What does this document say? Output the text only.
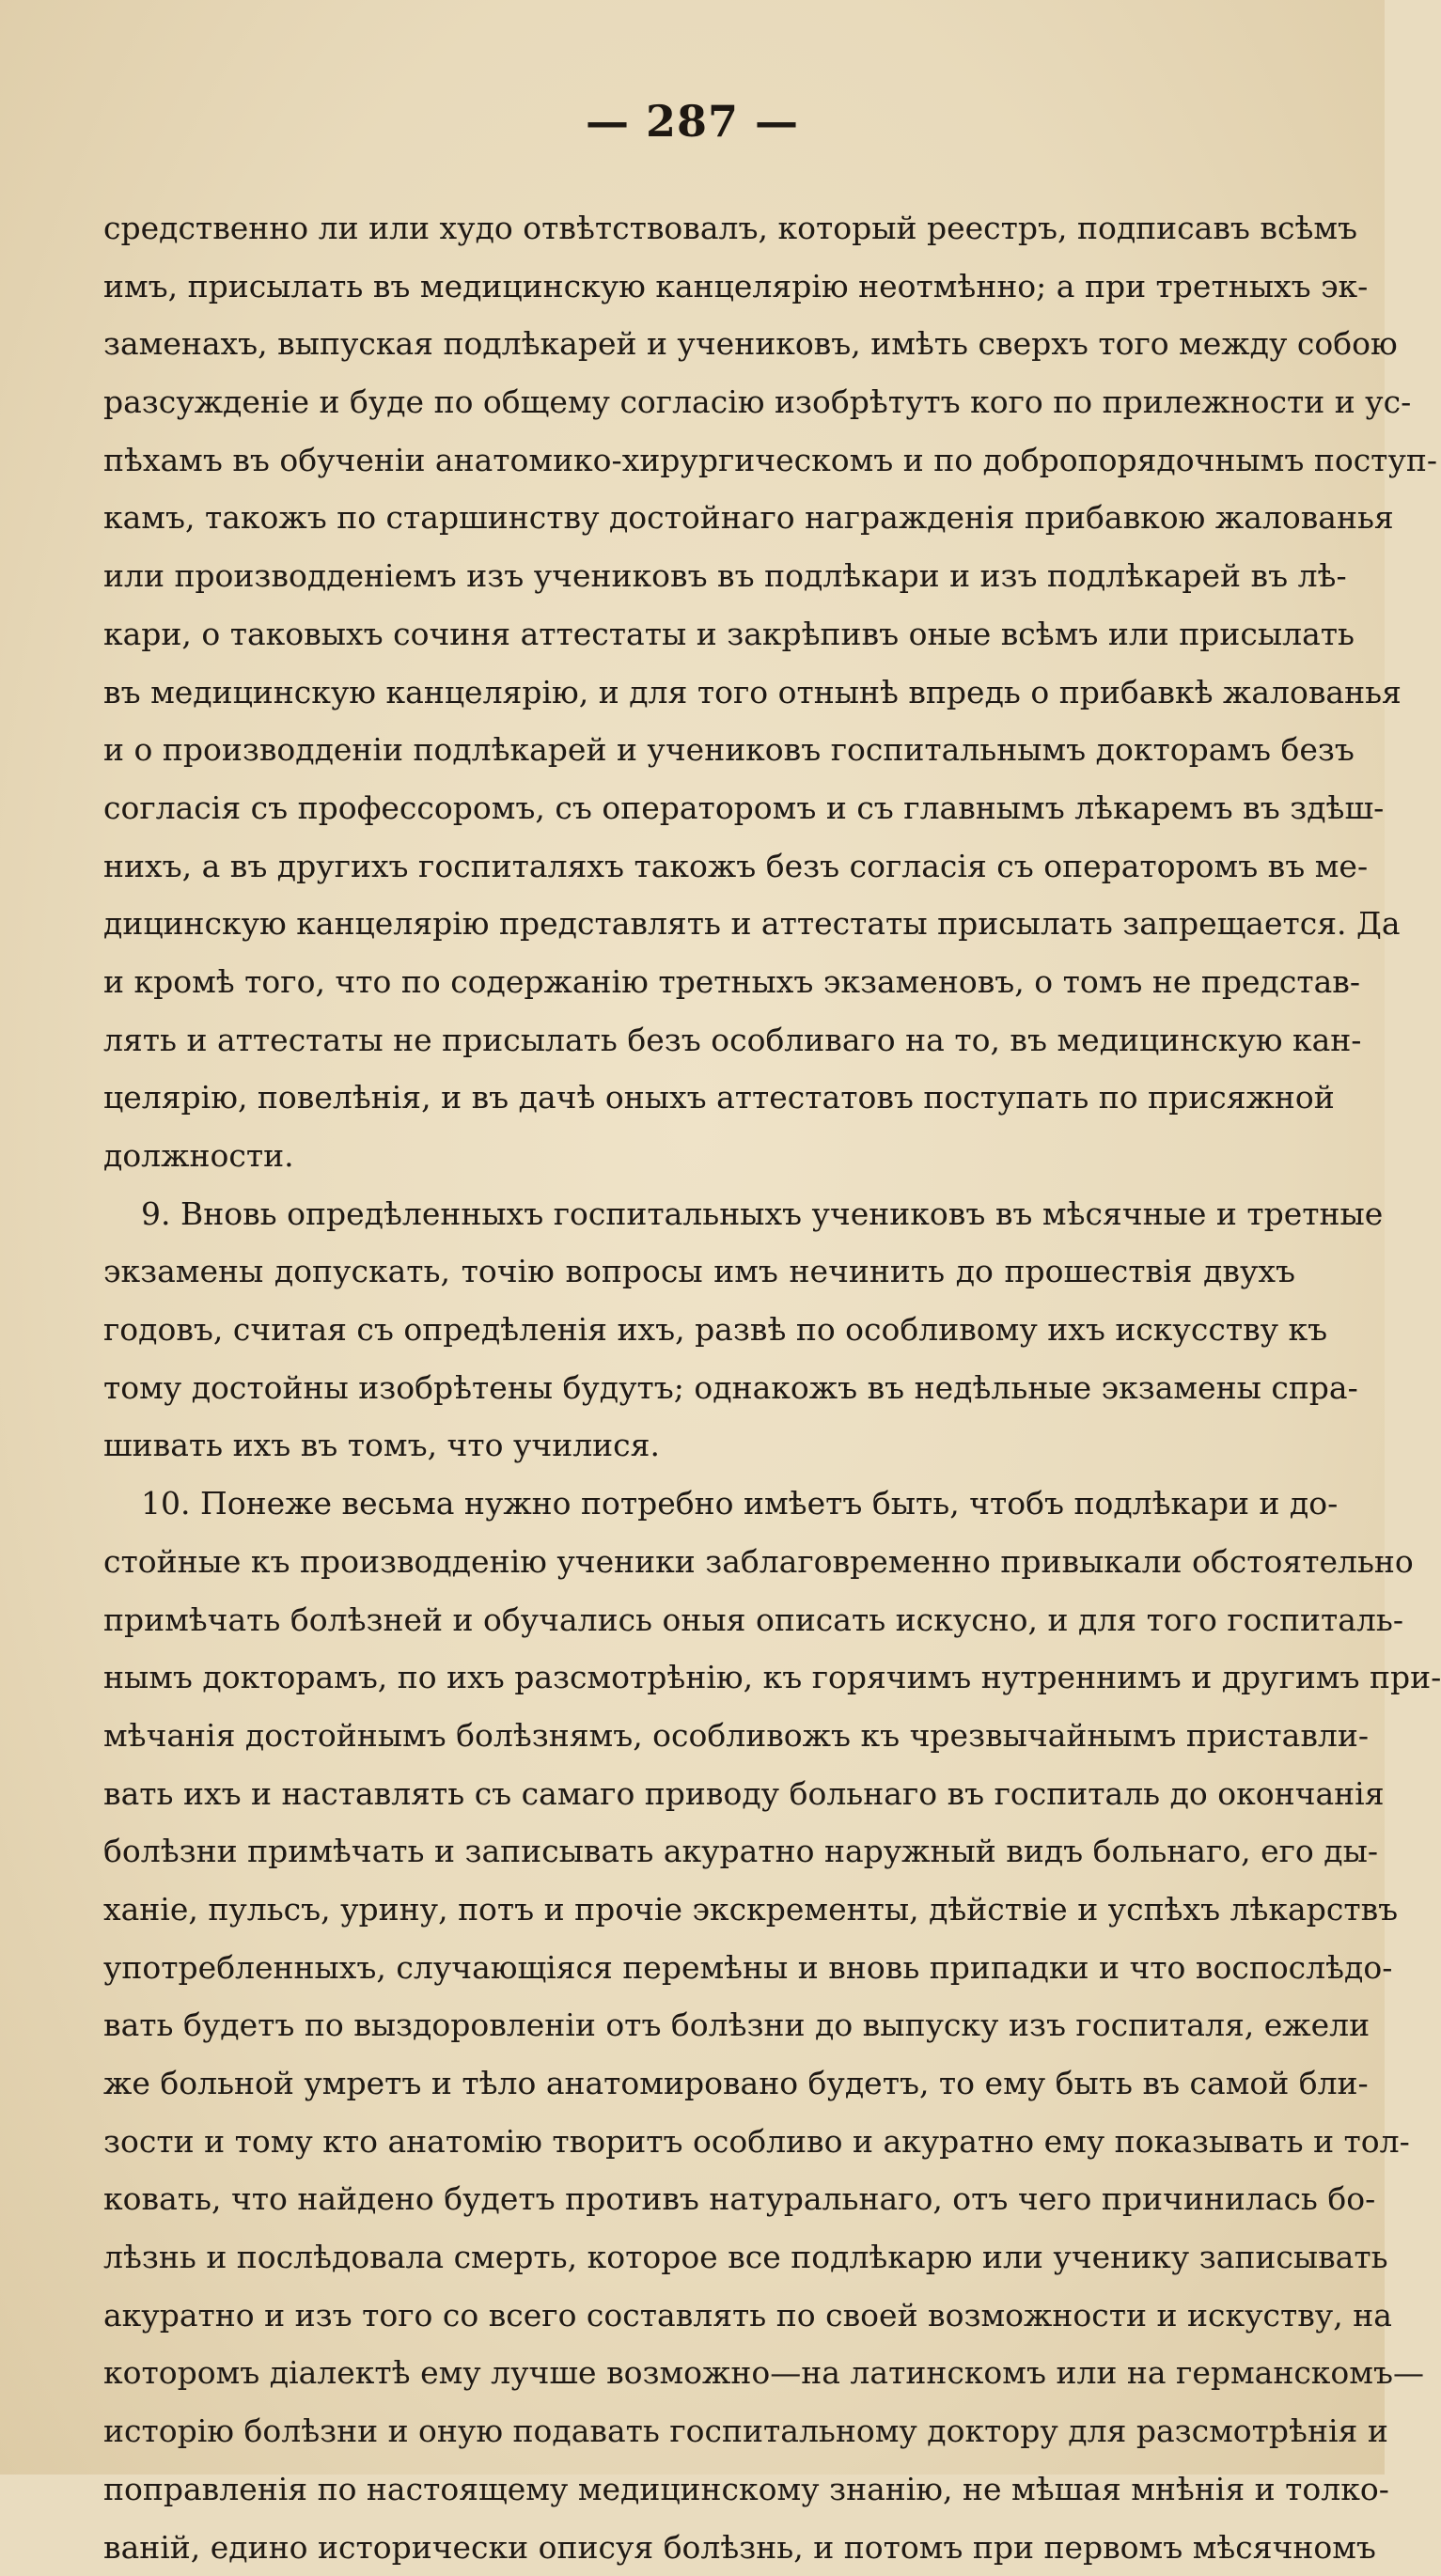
— 287 —
средственно ли или худо отвѣтствовалъ, который реестръ, подписавъ всѣмъ
имъ, присылать въ медицинскую канцелярію неотмѣнно; а при третныхъ эк-
заменахъ, выпуская подлѣкарей и учениковъ, имѣть сверхъ того между собою
разсужденіе и буде по общему согласію изобрѣтутъ кого по прилежности и ус-
пѣхамъ въ обученіи анатомико-хирургическомъ и по добропорядочнымъ поступ-
камъ, такожъ по старшинству достойнаго награжденія прибавкою жалованья
или производденіемъ изъ учениковъ въ подлѣкари и изъ подлѣкарей въ лѣ-
кари, о таковыхъ сочиня аттестаты и закрѣпивъ оные всѣмъ или присылать
въ медицинскую канцелярію, и для того отнынѣ впредь о прибавкѣ жалованья
и о производденіи подлѣкарей и учениковъ госпитальнымъ докторамъ безъ
согласія съ профессоромъ, съ операторомъ и съ главнымъ лѣкаремъ въ здѣш-
нихъ, а въ другихъ госпиталяхъ такожъ безъ согласія съ операторомъ въ ме-
дицинскую канцелярію представлять и аттестаты присылать запрещается. Да
и кромѣ того, что по содержанію третныхъ экзаменовъ, о томъ не представ-
лять и аттестаты не присылать безъ особливаго на то, въ медицинскую кан-
целярію, повелѣнія, и въ дачѣ оныхъ аттестатовъ поступать по присяжной
должности.
9. Вновь опредѣленныхъ госпитальныхъ учениковъ въ мѣсячные и третные
экзамены допускать, точію вопросы имъ нечинить до прошествія двухъ
годовъ, считая съ опредѣленія ихъ, развѣ по особливому ихъ искусству къ
тому достойны изобрѣтены будутъ; однакожъ въ недѣльные экзамены спра-
шивать ихъ въ томъ, что училися.
10. Понеже весьма нужно потребно имѣетъ быть, чтобъ подлѣкари и до-
стойные къ производденію ученики заблаговременно привыкали обстоятельно
примѣчать болѣзней и обучались оныя описать искусно, и для того госпиталь-
нымъ докторамъ, по ихъ разсмотрѣнію, къ горячимъ нутреннимъ и другимъ при-
мѣчанія достойнымъ болѣзнямъ, особливожъ къ чрезвычайнымъ приставли-
вать ихъ и наставлять съ самаго приводу больнаго въ госпиталь до окончанія
болѣзни примѣчать и записывать акуратно наружный видъ больнаго, его ды-
ханіе, пульсъ, урину, потъ и прочіе экскременты, дѣйствіе и успѣхъ лѣкарствъ
употребленныхъ, случающіяся перемѣны и вновь припадки и что воспослѣдо-
вать будетъ по выздоровленіи отъ болѣзни до выпуску изъ госпиталя, ежели
же больной умретъ и тѣло анатомировано будетъ, то ему быть въ самой бли-
зости и тому кто анатомію творитъ особливо и акуратно ему показывать и тол-
ковать, что найдено будетъ противъ натуральнаго, отъ чего причинилась бо-
лѣзнь и послѣдовала смерть, которое все подлѣкарю или ученику записывать
акуратно и изъ того со всего составлять по своей возможности и искуству, на
которомъ діалектѣ ему лучше возможно—на латинскомъ или на германскомъ—
исторію болѣзни и оную подавать госпитальному доктору для разсмотрѣнія и
поправленія по настоящему медицинскому знанію, не мѣшая мнѣнія и толко-
ваній, едино исторически описуя болѣзнь, и потомъ при первомъ мѣсячномъ
